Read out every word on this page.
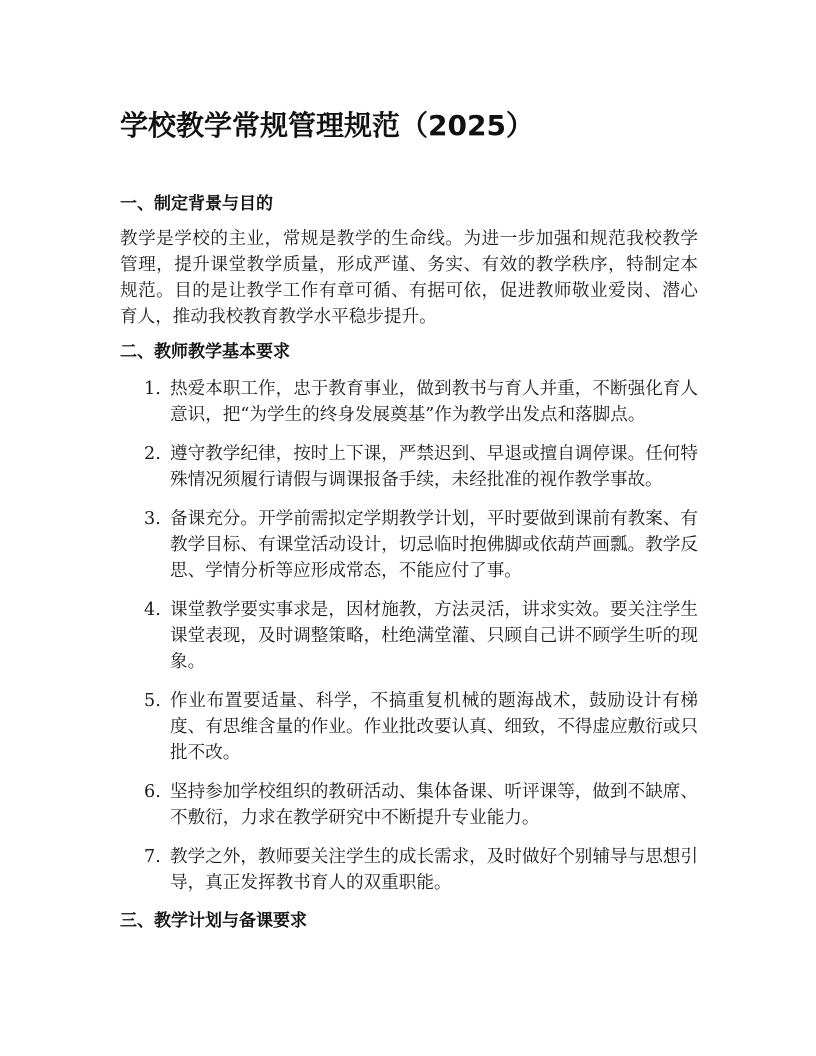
学校教学常规管理规范（2025）
一、制定背景与目的

教学是学校的主业，常规是教学的生命线。为进一步加强和规范我校教学管理，提升课堂教学质量，形成严谨、务实、有效的教学秩序，特制定本规范。目的是让教学工作有章可循、有据可依，促进教师敬业爱岗、潜心育人，推动我校教育教学水平稳步提升。

二、教师教学基本要求
1. 热爱本职工作，忠于教育事业，做到教书与育人并重，不断强化育人意识，把“为学生的终身发展奠基”作为教学出发点和落脚点。
2. 遵守教学纪律，按时上下课，严禁迟到、早退或擅自调停课。任何特殊情况须履行请假与调课报备手续，未经批准的视作教学事故。
3. 备课充分。开学前需拟定学期教学计划，平时要做到课前有教案、有教学目标、有课堂活动设计，切忌临时抱佛脚或依葫芦画瓢。教学反思、学情分析等应形成常态，不能应付了事。
4. 课堂教学要实事求是，因材施教，方法灵活，讲求实效。要关注学生课堂表现，及时调整策略，杜绝满堂灌、只顾自己讲不顾学生听的现象。
5. 作业布置要适量、科学，不搞重复机械的题海战术，鼓励设计有梯度、有思维含量的作业。作业批改要认真、细致，不得虚应敷衍或只批不改。
6. 坚持参加学校组织的教研活动、集体备课、听评课等，做到不缺席、不敷衍，力求在教学研究中不断提升专业能力。
7. 教学之外，教师要关注学生的成长需求，及时做好个别辅导与思想引导，真正发挥教书育人的双重职能。
三、教学计划与备课要求
